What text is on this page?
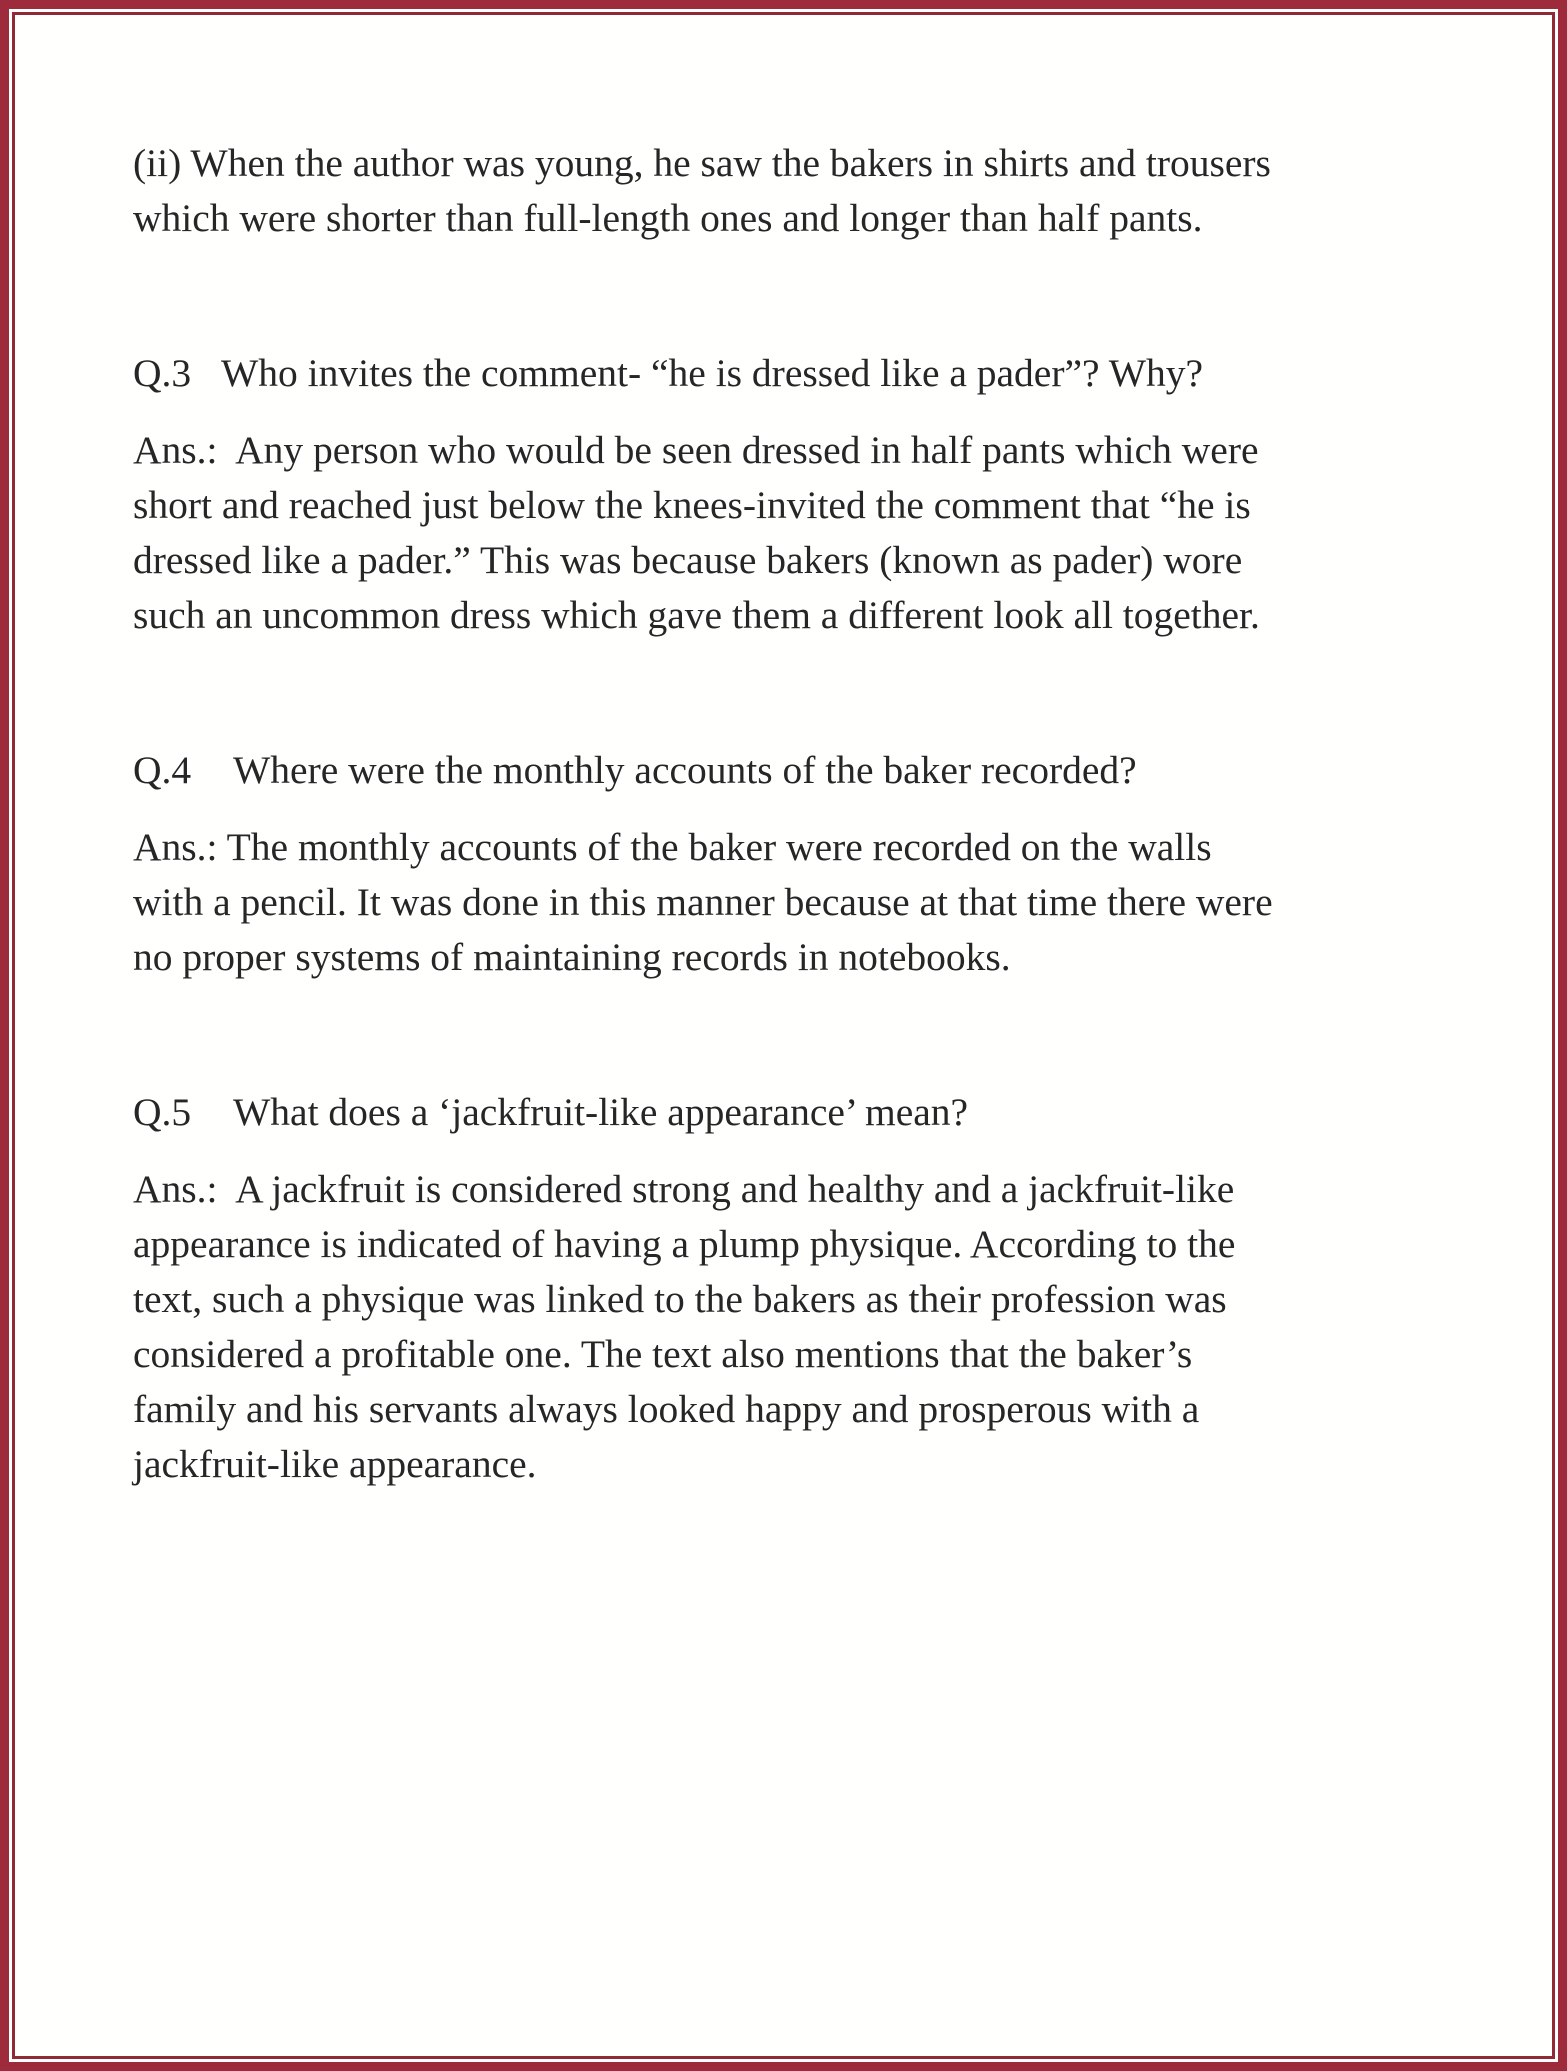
(ii) When the author was young, he saw the bakers in shirts and trousers
which were shorter than full-length ones and longer than half pants.
Q.3 Who invites the comment- “he is dressed like a pader”? Why?
Ans.:  Any person who would be seen dressed in half pants which were
short and reached just below the knees-invited the comment that “he is
dressed like a pader.” This was because bakers (known as pader) wore
such an uncommon dress which gave them a different look all together.
Q.4 Where were the monthly accounts of the baker recorded?
Ans.: The monthly accounts of the baker were recorded on the walls
with a pencil. It was done in this manner because at that time there were
no proper systems of maintaining records in notebooks.
Q.5 What does a ‘jackfruit-like appearance’ mean?
Ans.:  A jackfruit is considered strong and healthy and a jackfruit-like
appearance is indicated of having a plump physique. According to the
text, such a physique was linked to the bakers as their profession was
considered a profitable one. The text also mentions that the baker’s
family and his servants always looked happy and prosperous with a
jackfruit-like appearance.
